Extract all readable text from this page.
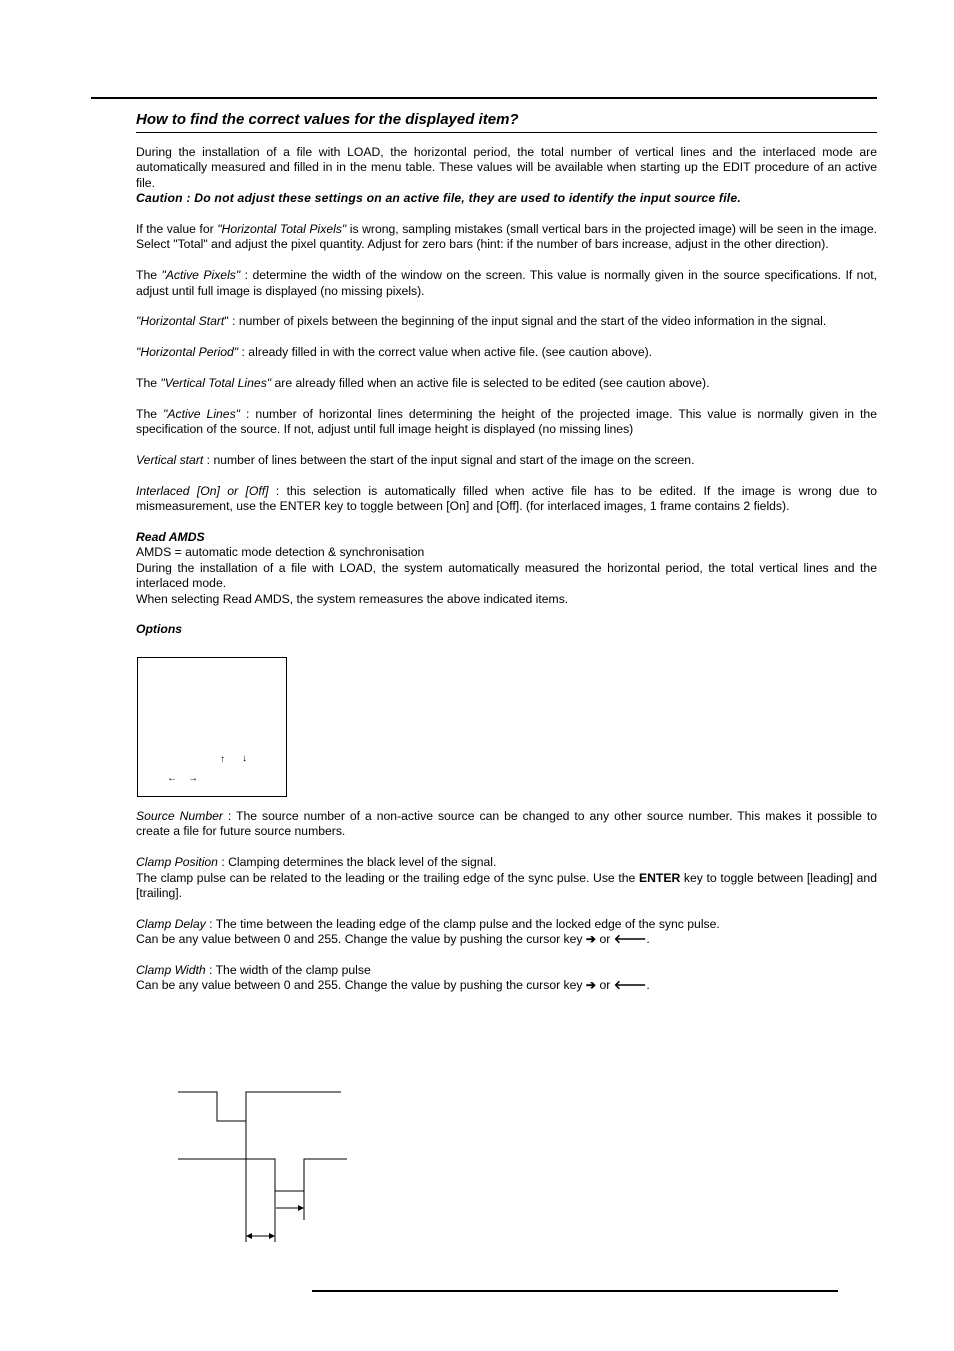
How to find the correct values for the displayed item?

During the installation of a file with LOAD, the horizontal period, the total number of vertical lines and the interlaced mode are automatically measured and filled in in the menu table. These values will be available when starting up the EDIT procedure of an active file.
Caution : Do not adjust these settings on an active file, they are used to identify the input source file.

If the value for "Horizontal Total Pixels" is wrong, sampling mistakes (small vertical bars in the projected image) will be seen in the image. Select "Total" and adjust the pixel quantity. Adjust for zero bars (hint: if the number of bars increase, adjust in the other direction).

The "Active Pixels" : determine the width of the window on the screen. This value is normally given in the source specifications. If not, adjust until full image is displayed (no missing pixels).

"Horizontal Start" : number of pixels between the beginning of the input signal and the start of the video information in the signal.

"Horizontal Period" : already filled in with the correct value when active file. (see caution above).

The "Vertical Total Lines" are already filled when an active file is selected to be edited (see caution above).

The "Active Lines" : number of horizontal lines determining the height of the projected image. This value is normally given in the specification of the source. If not, adjust until full image height is displayed (no missing lines)

Vertical start : number of lines between the start of the input signal and start of the image on the screen.

Interlaced [On] or [Off] : this selection is automatically filled when active file has to be edited. If the image is wrong due to mismeasurement, use the ENTER key to toggle between [On] and [Off]. (for interlaced images, 1 frame contains 2 fields).

Read AMDS
AMDS = automatic mode detection & synchronisation
During the installation of a file with LOAD, the system automatically measured the horizontal period, the total vertical lines and the interlaced mode.
When selecting Read AMDS, the system remeasures the above indicated items.

Options

↑ ↓
← →

Source Number : The source number of a non-active source can be changed to any other source number. This makes it possible to create a file for future source numbers.

Clamp Position : Clamping determines the black level of the signal.
The clamp pulse can be related to the leading or the trailing edge of the sync pulse. Use the ENTER key to toggle between [leading] and [trailing].

Clamp Delay : The time between the leading edge of the clamp pulse and the locked edge of the sync pulse.
Can be any value between 0 and 255. Change the value by pushing the cursor key ➔ or 🡐.

Clamp Width : The width of the clamp pulse
Can be any value between 0 and 255. Change the value by pushing the cursor key ➔ or 🡐.
